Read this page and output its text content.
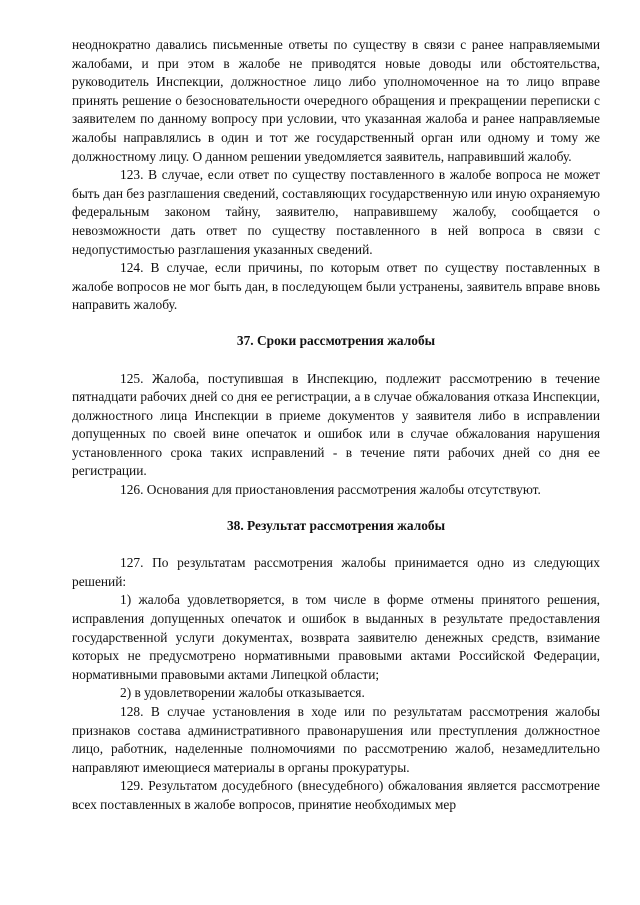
неоднократно давались письменные ответы по существу в связи с ранее направляемыми жалобами, и при этом в жалобе не приводятся новые доводы или обстоятельства, руководитель Инспекции, должностное лицо либо уполномоченное на то лицо вправе принять решение о безосновательности очередного обращения и прекращении переписки с заявителем по данному вопросу при условии, что указанная жалоба и ранее направляемые жалобы направлялись в один и тот же государственный орган или одному и тому же должностному лицу. О данном решении уведомляется заявитель, направивший жалобу.

123. В случае, если ответ по существу поставленного в жалобе вопроса не может быть дан без разглашения сведений, составляющих государственную или иную охраняемую федеральным законом тайну, заявителю, направившему жалобу, сообщается о невозможности дать ответ по существу поставленного в ней вопроса в связи с недопустимостью разглашения указанных сведений.

124. В случае, если причины, по которым ответ по существу поставленных в жалобе вопросов не мог быть дан, в последующем были устранены, заявитель вправе вновь направить жалобу.

37. Сроки рассмотрения жалобы

125. Жалоба, поступившая в Инспекцию, подлежит рассмотрению в течение пятнадцати рабочих дней со дня ее регистрации, а в случае обжалования отказа Инспекции, должностного лица Инспекции в приеме документов у заявителя либо в исправлении допущенных по своей вине опечаток и ошибок или в случае обжалования нарушения установленного срока таких исправлений - в течение пяти рабочих дней со дня ее регистрации.

126. Основания для приостановления рассмотрения жалобы отсутствуют.

38. Результат рассмотрения жалобы

127. По результатам рассмотрения жалобы принимается одно из следующих решений:

1) жалоба удовлетворяется, в том числе в форме отмены принятого решения, исправления допущенных опечаток и ошибок в выданных в результате предоставления государственной услуги документах, возврата заявителю денежных средств, взимание которых не предусмотрено нормативными правовыми актами Российской Федерации, нормативными правовыми актами Липецкой области;

2) в удовлетворении жалобы отказывается.

128. В случае установления в ходе или по результатам рассмотрения жалобы признаков состава административного правонарушения или преступления должностное лицо, работник, наделенные полномочиями по рассмотрению жалоб, незамедлительно направляют имеющиеся материалы в органы прокуратуры.

129. Результатом досудебного (внесудебного) обжалования является рассмотрение всех поставленных в жалобе вопросов, принятие необходимых мер
